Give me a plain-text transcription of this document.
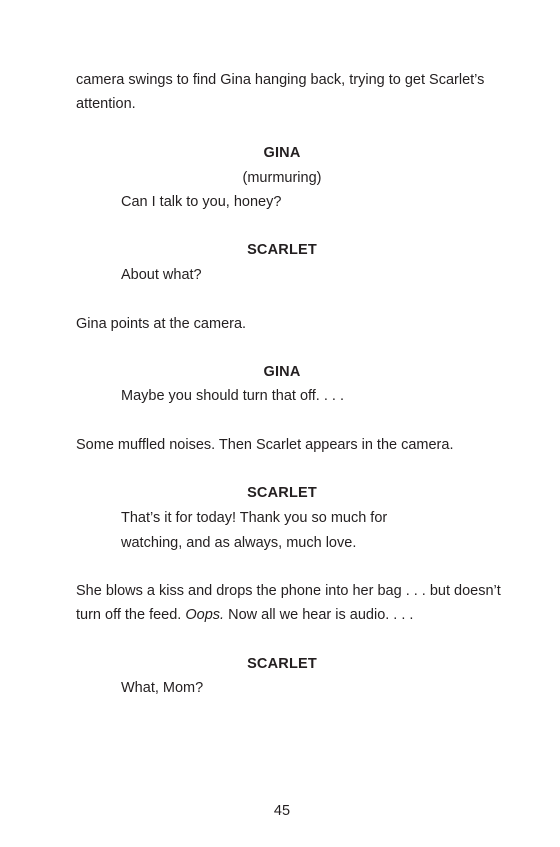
camera swings to find Gina hanging back, trying to get Scarlet’s
attention.

GINA

(murmuring)

Can I talk to you, honey?

SCARLET

About what?

Gina points at the camera.

GINA

Maybe you should turn that off. . . .

Some muffled noises. Then Scarlet appears in the camera.

SCARLET

That’s it for today! Thank you so much for
watching, and as always, much love.

She blows a kiss and drops the phone into her bag . . . but doesn’t
turn off the feed. Oops. Now all we hear is audio. . . .

SCARLET

What, Mom?

45
